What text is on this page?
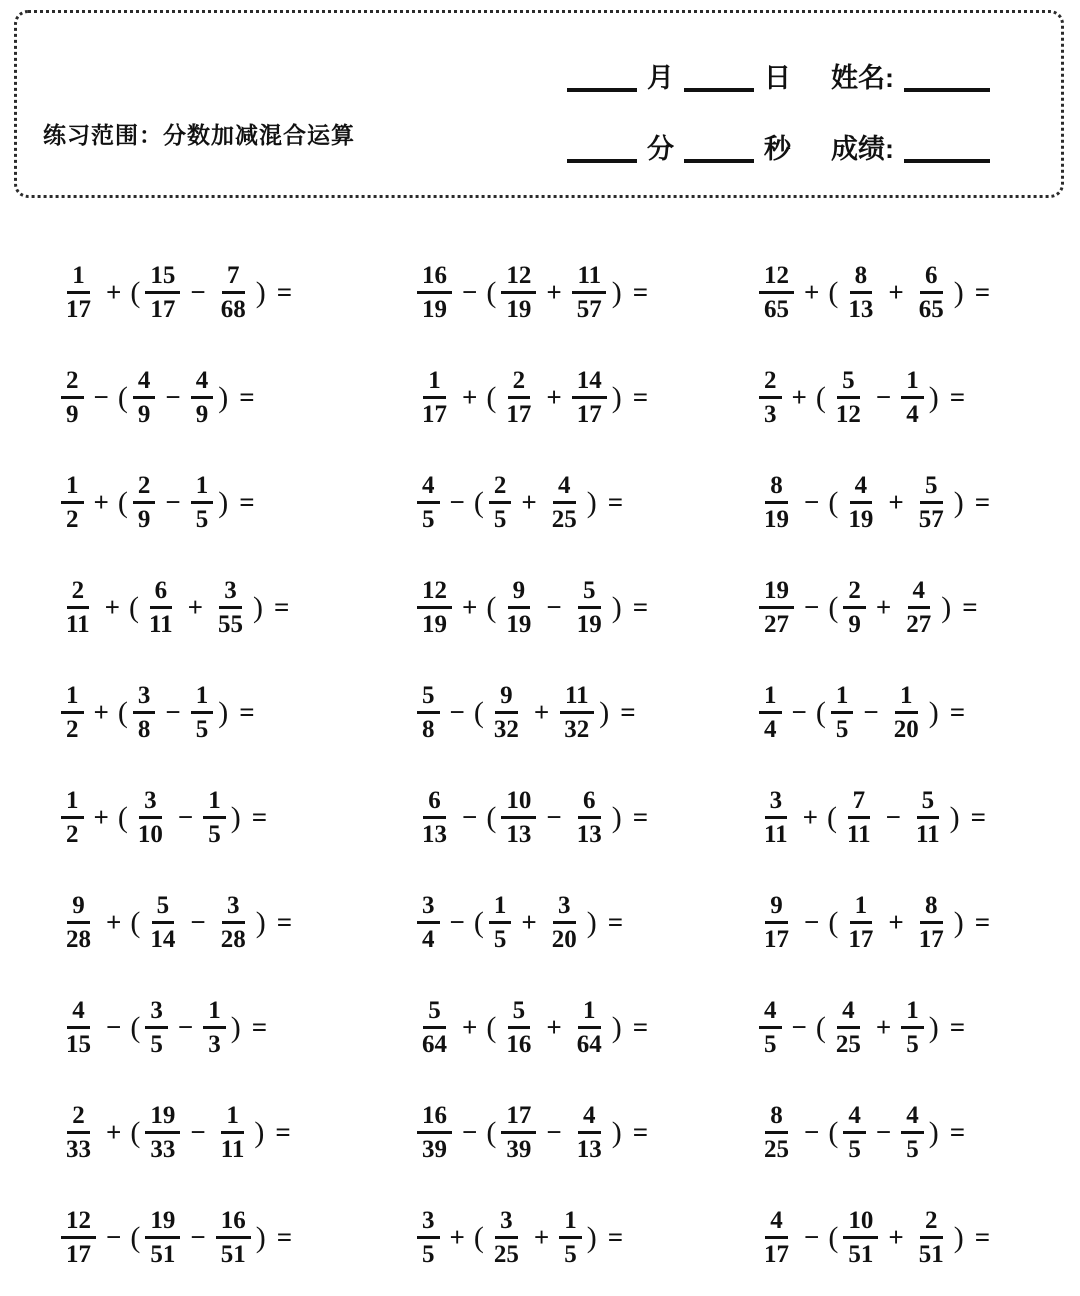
练习范围：分数加减混合运算
月	日 姓名:
分	秒 成绩:
$\frac{1}{17}$ + ( $\frac{15}{17} - \frac{7}{68}$ ) =	$\frac{16}{19}$ − ( $\frac{12}{19} + \frac{11}{57}$ ) =	$\frac{12}{65}$ + ( $\frac{8}{13} + \frac{6}{65}$ ) =
$\frac{2}{9}$ − ( $\frac{4}{9} - \frac{4}{9}$ ) =	$\frac{1}{17}$ + ( $\frac{2}{17} + \frac{14}{17}$ ) =	$\frac{2}{3}$ + ( $\frac{5}{12} - \frac{1}{4}$ ) =
$\frac{1}{2}$ + ( $\frac{2}{9} - \frac{1}{5}$ ) =	$\frac{4}{5}$ − ( $\frac{2}{5} + \frac{4}{25}$ ) =	$\frac{8}{19}$ − ( $\frac{4}{19} + \frac{5}{57}$ ) =
$\frac{2}{11}$ + ( $\frac{6}{11} + \frac{3}{55}$ ) =	$\frac{12}{19}$ + ( $\frac{9}{19} - \frac{5}{19}$ ) =	$\frac{19}{27}$ − ( $\frac{2}{9} + \frac{4}{27}$ ) =
$\frac{1}{2}$ + ( $\frac{3}{8} - \frac{1}{5}$ ) =	$\frac{5}{8}$ − ( $\frac{9}{32} + \frac{11}{32}$ ) =	$\frac{1}{4}$ − ( $\frac{1}{5} - \frac{1}{20}$ ) =
$\frac{1}{2}$ + ( $\frac{3}{10} - \frac{1}{5}$ ) =	$\frac{6}{13}$ − ( $\frac{10}{13} - \frac{6}{13}$ ) =	$\frac{3}{11}$ + ( $\frac{7}{11} - \frac{5}{11}$ ) =
$\frac{9}{28}$ + ( $\frac{5}{14} - \frac{3}{28}$ ) =	$\frac{3}{4}$ − ( $\frac{1}{5} + \frac{3}{20}$ ) =	$\frac{9}{17}$ − ( $\frac{1}{17} + \frac{8}{17}$ ) =
$\frac{4}{15}$ − ( $\frac{3}{5} - \frac{1}{3}$ ) =	$\frac{5}{64}$ + ( $\frac{5}{16} + \frac{1}{64}$ ) =	$\frac{4}{5}$ − ( $\frac{4}{25} + \frac{1}{5}$ ) =
$\frac{2}{33}$ + ( $\frac{19}{33} - \frac{1}{11}$ ) =	$\frac{16}{39}$ − ( $\frac{17}{39} - \frac{4}{13}$ ) =	$\frac{8}{25}$ − ( $\frac{4}{5} - \frac{4}{5}$ ) =
$\frac{12}{17}$ − ( $\frac{19}{51} - \frac{16}{51}$ ) =	$\frac{3}{5}$ + ( $\frac{3}{25} + \frac{1}{5}$ ) =	$\frac{4}{17}$ − ( $\frac{10}{51} + \frac{2}{51}$ ) =
